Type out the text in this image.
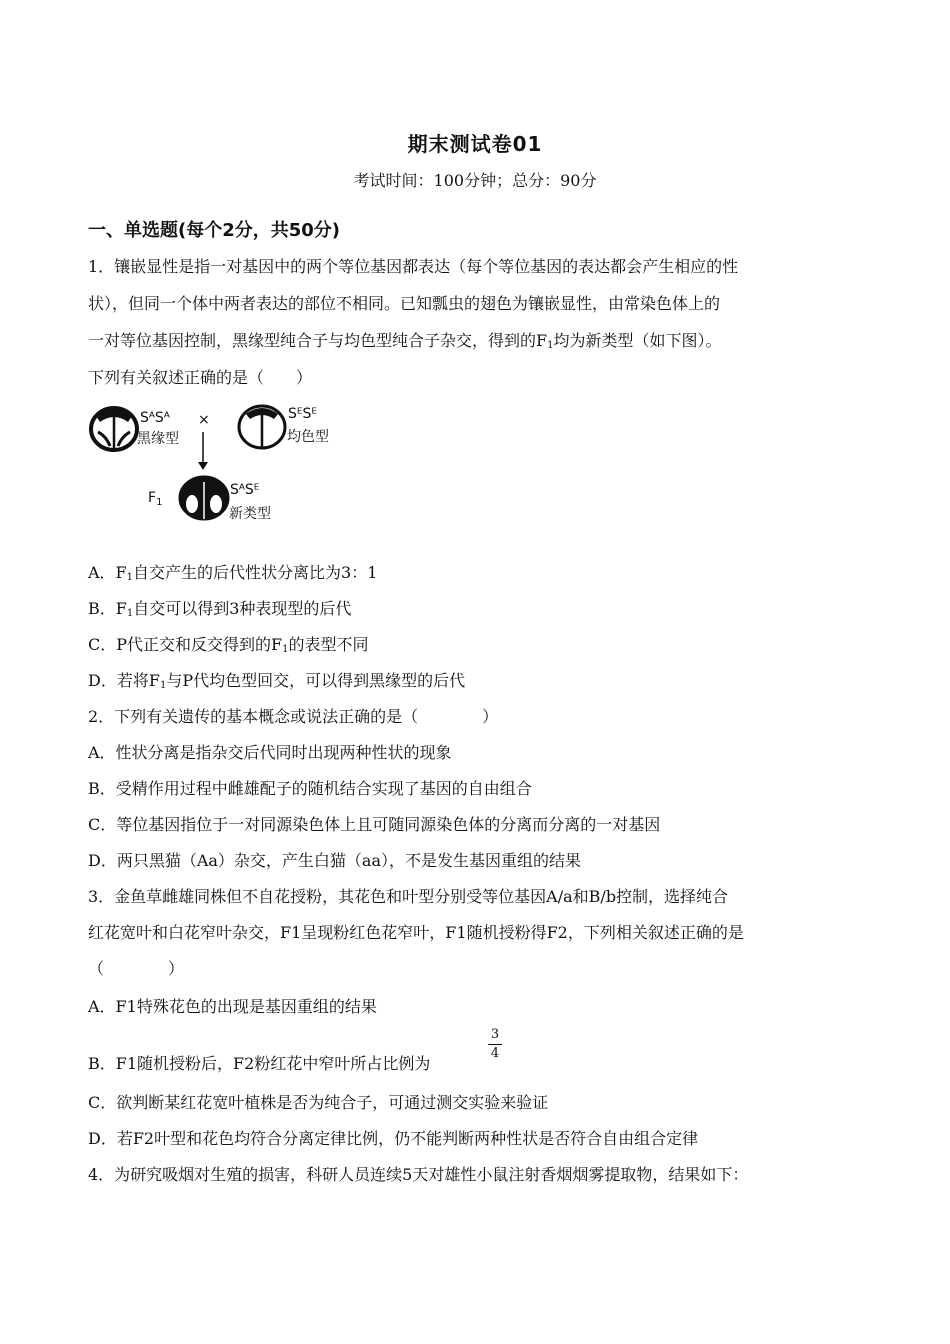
期末测试卷01
考试时间：100分钟；总分：90分
一、单选题(每个2分，共50分)
1．镶嵌显性是指一对基因中的两个等位基因都表达（每个等位基因的表达都会产生相应的性
状），但同一个体中两者表达的部位不相同。已知瓢虫的翅色为镶嵌显性，由常染色体上的
一对等位基因控制，黑缘型纯合子与均色型纯合子杂交，得到的F1均为新类型（如下图）。
下列有关叙述正确的是（　　）
SᴬSᴬ
黑缘型
×	SᴱSᴱ
均色型
$F_1$
SᴬSᴱ
新类型
A．F1自交产生的后代性状分离比为3：1
B．F1自交可以得到3种表现型的后代
C．P代正交和反交得到的F1的表型不同
D．若将F1与P代均色型回交，可以得到黑缘型的后代
2．下列有关遗传的基本概念或说法正确的是（　　　　）
A．性状分离是指杂交后代同时出现两种性状的现象
B．受精作用过程中雌雄配子的随机结合实现了基因的自由组合
C．等位基因指位于一对同源染色体上且可随同源染色体的分离而分离的一对基因
D．两只黑猫（Aa）杂交，产生白猫（aa），不是发生基因重组的结果
3．金鱼草雌雄同株但不自花授粉，其花色和叶型分别受等位基因A/a和B/b控制，选择纯合
红花宽叶和白花窄叶杂交，F1呈现粉红色花窄叶，F1随机授粉得F2，下列相关叙述正确的是
（　　　　）
A．F1特殊花色的出现是基因重组的结果
B．F1随机授粉后，F2粉红花中窄叶所占比例为
3
4
C．欲判断某红花宽叶植株是否为纯合子，可通过测交实验来验证
D．若F2叶型和花色均符合分离定律比例，仍不能判断两种性状是否符合自由组合定律
4．为研究吸烟对生殖的损害，科研人员连续5天对雄性小鼠注射香烟烟雾提取物，结果如下：
